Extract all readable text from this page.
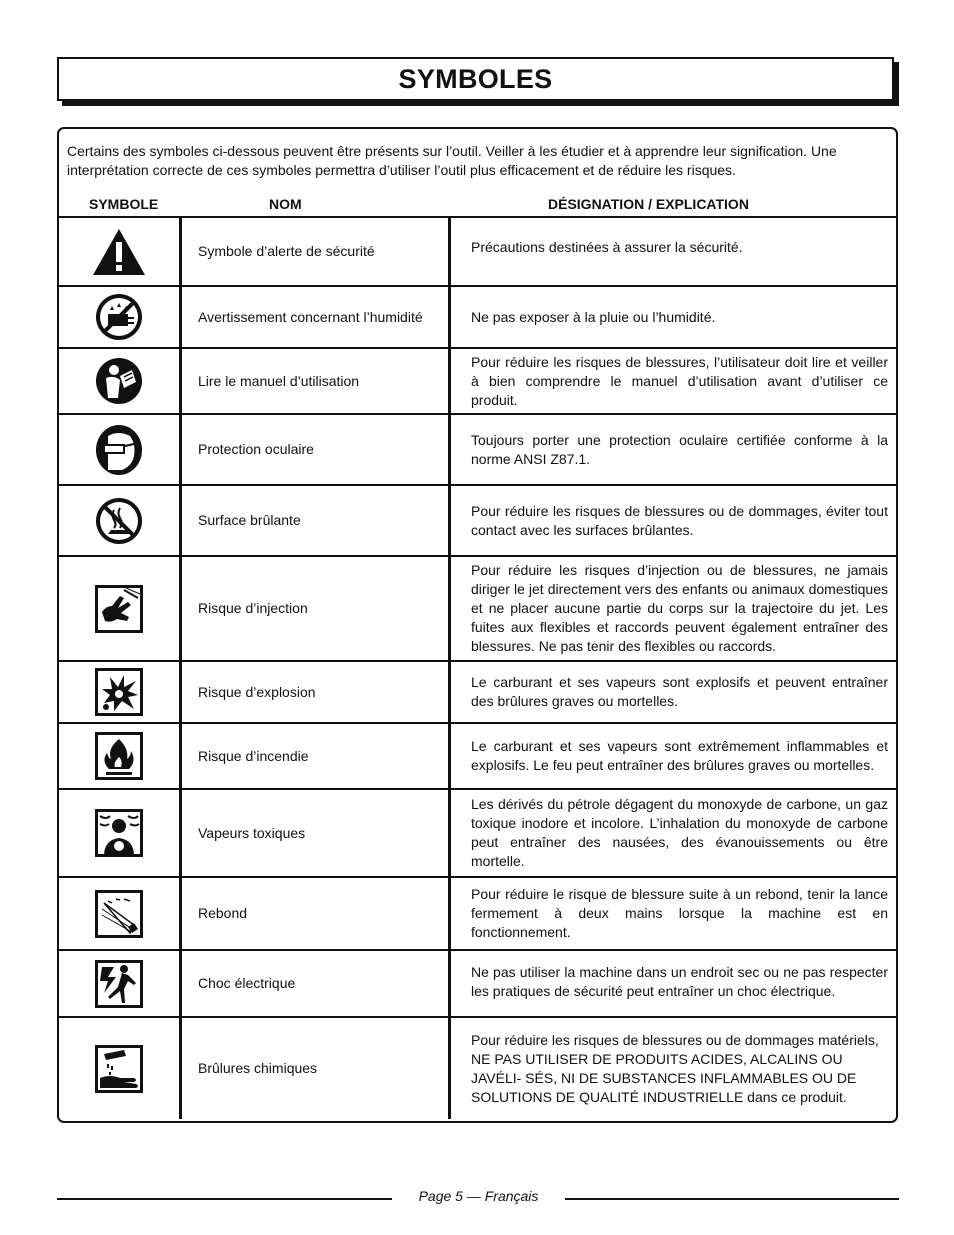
SYMBOLES
Certains des symboles ci-dessous peuvent être présents sur l’outil. Veiller à les étudier et à apprendre leur signification. Une interprétation correcte de ces symboles permettra d’utiliser l’outil plus efficacement et de réduire les risques.
SYMBOLE	NOM	DÉSIGNATION / EXPLICATION
	Symbole d’alerte de sécurité	Précautions destinées à assurer la sécurité.

	Avertissement concernant l’humidité	Ne pas exposer à la pluie ou l’humidité.

	Lire le manuel d’utilisation	Pour réduire les risques de blessures, l’utilisateur doit lire et veiller à bien comprendre le manuel d’utilisation avant d’utiliser ce produit.

	Protection oculaire	Toujours porter une protection oculaire certifiée conforme à la norme ANSI Z87.1.

	Surface brûlante	Pour réduire les risques de blessures ou de dommages, éviter tout contact avec les surfaces brûlantes.

	Risque d’injection	Pour réduire les risques d’injection ou de blessures, ne jamais diriger le jet directement vers des enfants ou animaux domestiques et ne placer aucune partie du corps sur la trajectoire du jet. Les fuites aux flexibles et raccords peuvent également entraîner des blessures. Ne pas tenir des flexibles ou raccords.

	Risque d’explosion	Le carburant et ses vapeurs sont explosifs et peuvent entraîner des brûlures graves ou mortelles.

	Risque d’incendie	Le carburant et ses vapeurs sont extrêmement inflammables et explosifs. Le feu peut entraîner des brûlures graves ou mortelles.

	Vapeurs toxiques	Les dérivés du pétrole dégagent du monoxyde de carbone, un gaz toxique inodore et incolore. L’inhalation du monoxyde de carbone peut entraîner des nausées, des évanouissements ou être mortelle.

	Rebond	Pour réduire le risque de blessure suite à un rebond, tenir la lance fermement à deux mains lorsque la machine est en fonctionnement.

	Choc électrique	Ne pas utiliser la machine dans un endroit sec ou ne pas respecter les pratiques de sécurité peut entraîner un choc électrique.

	Brûlures chimiques	Pour réduire les risques de blessures ou de dommages matériels, NE PAS UTILISER DE PRODUITS ACIDES, ALCALINS OU JAVÉLI- SÉS, NI DE SUBSTANCES INFLAMMABLES OU DE SOLUTIONS DE QUALITÉ INDUSTRIELLE dans ce produit.
Page 5 — Français
